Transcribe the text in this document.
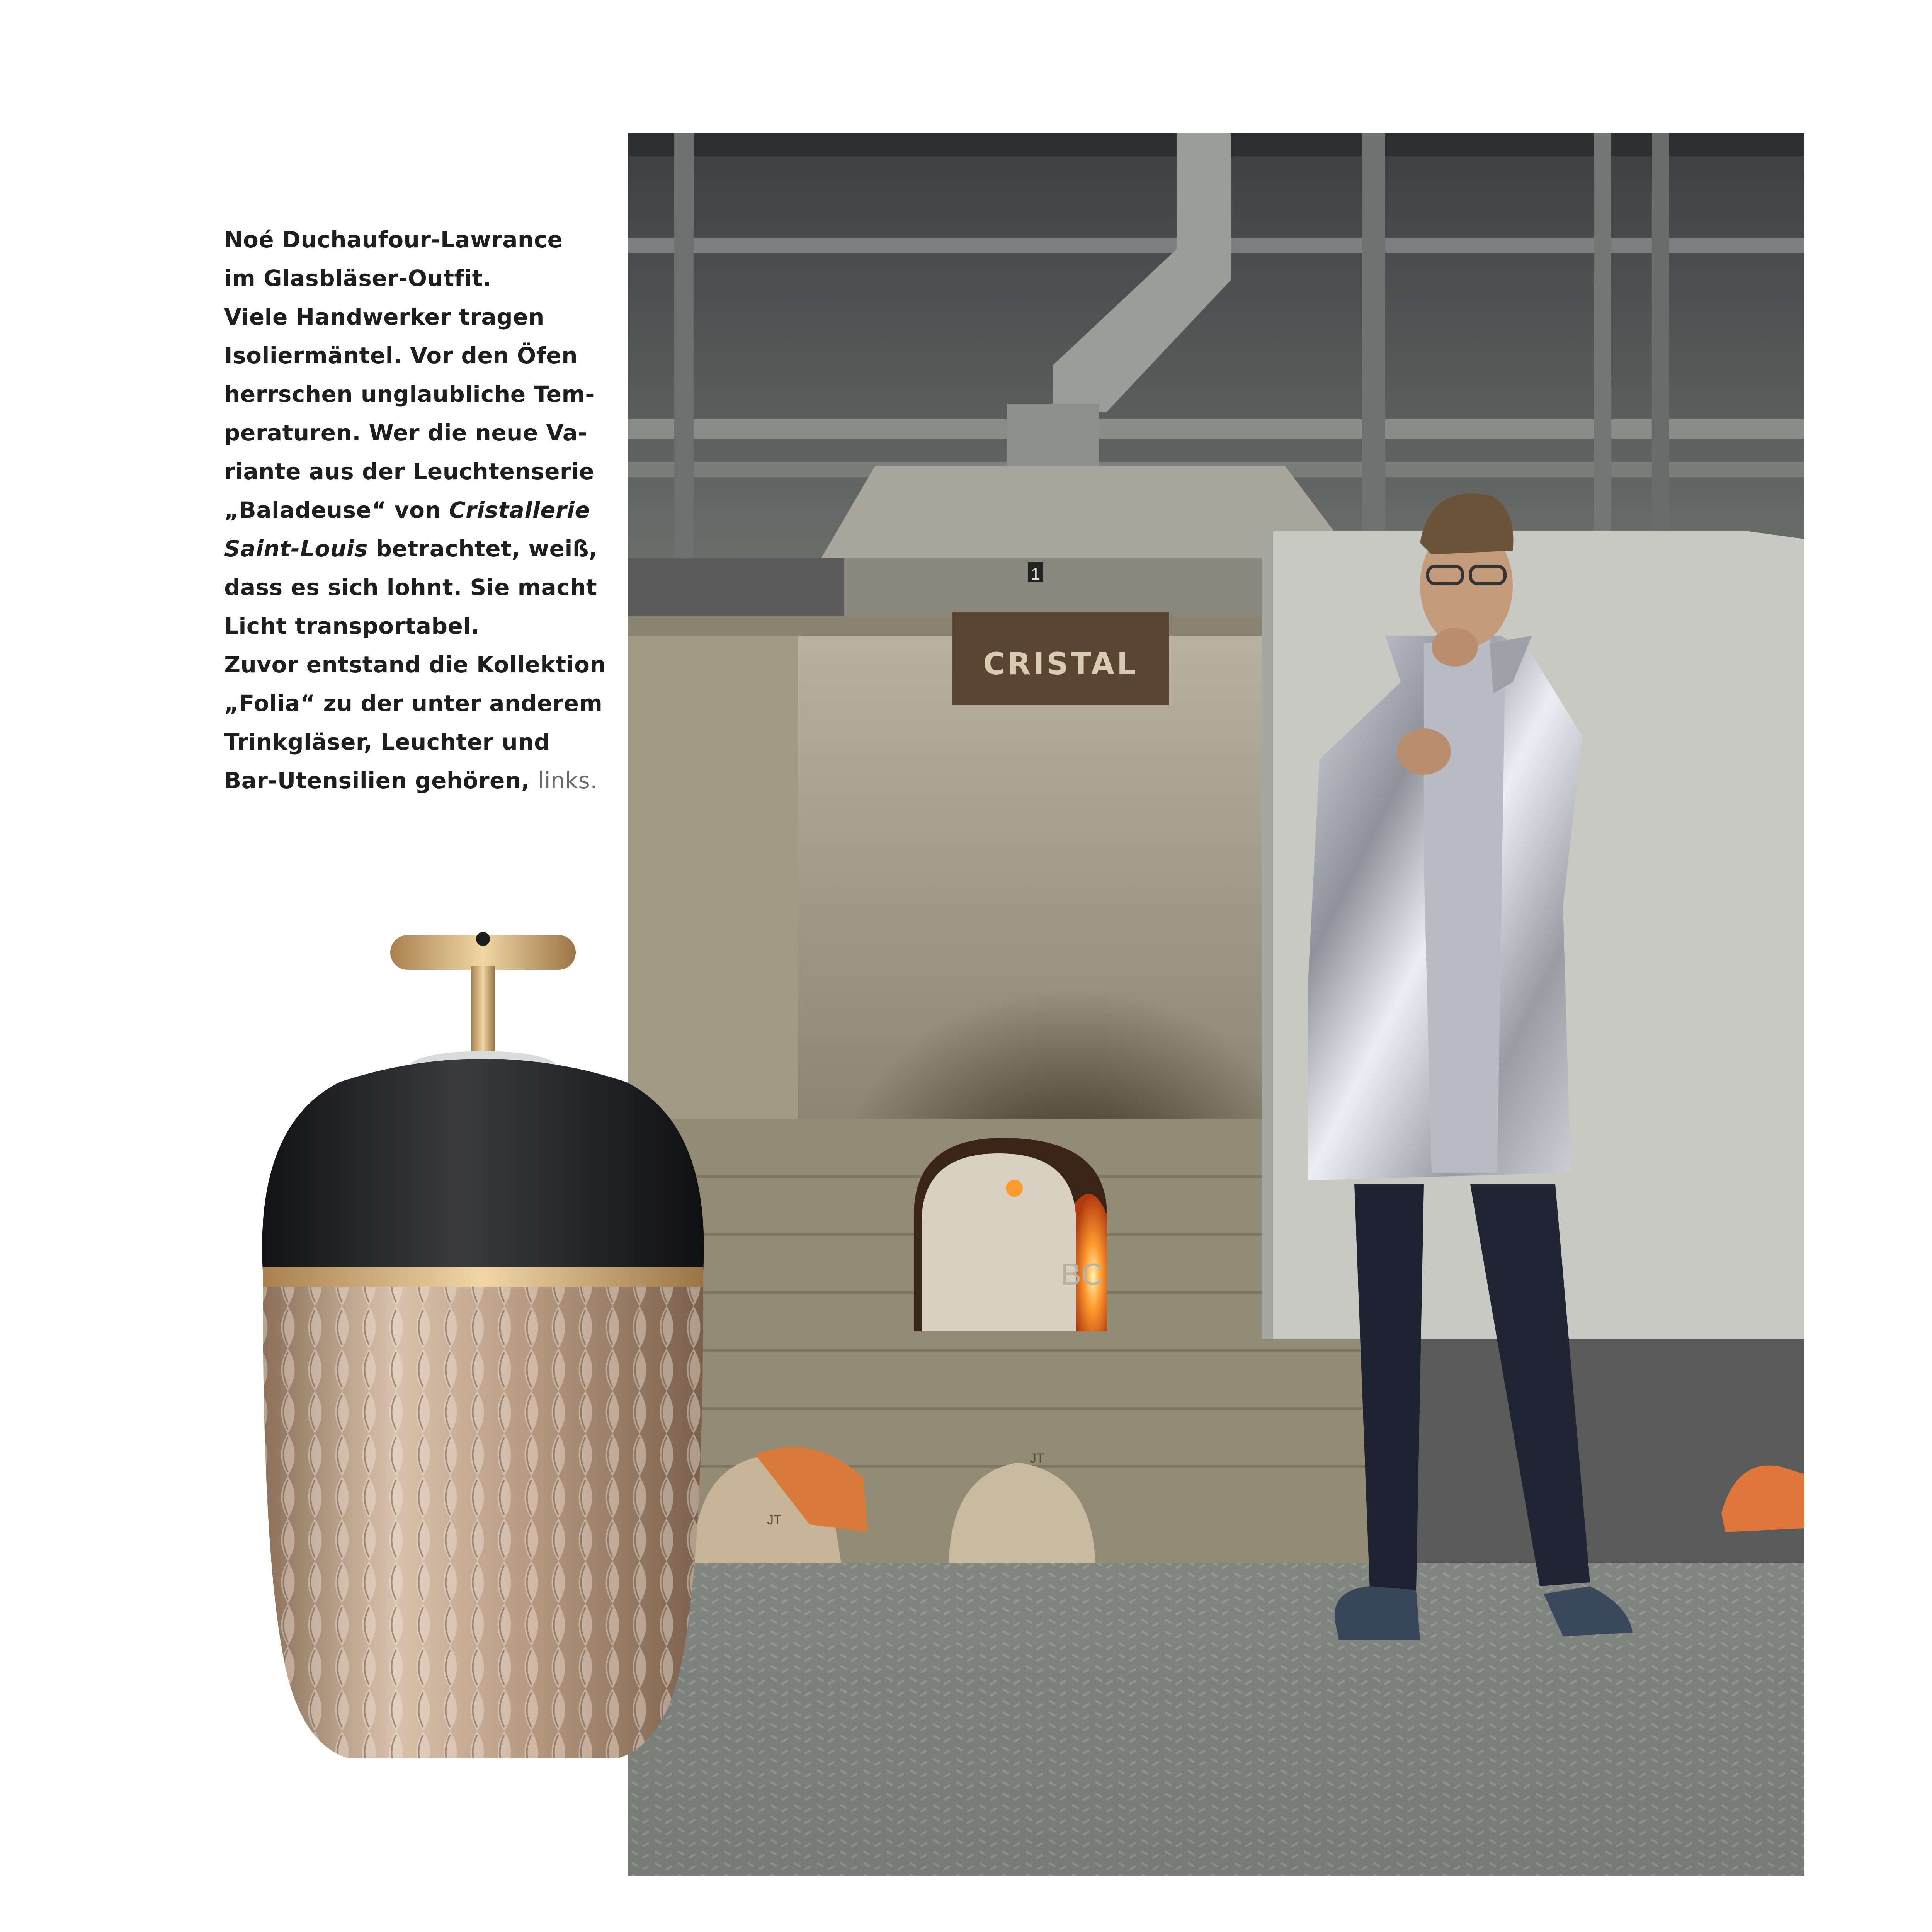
Noé Duchaufour-Lawrance
im Glasbläser-Outfit.
Viele Handwerker tragen
Isoliermäntel. Vor den Öfen
herrschen unglaubliche Tem-
peraturen. Wer die neue Va-
riante aus der Leuchtenserie
„Baladeuse“ von Cristallerie
Saint-Louis betrachtet, weiß,
dass es sich lohnt. Sie macht
Licht transportabel.
Zuvor entstand die Kollektion
„Folia“ zu der unter anderem
Trinkgläser, Leuchter und
Bar-Utensilien gehören, links.
1
CRISTAL
BC
JT
JT
